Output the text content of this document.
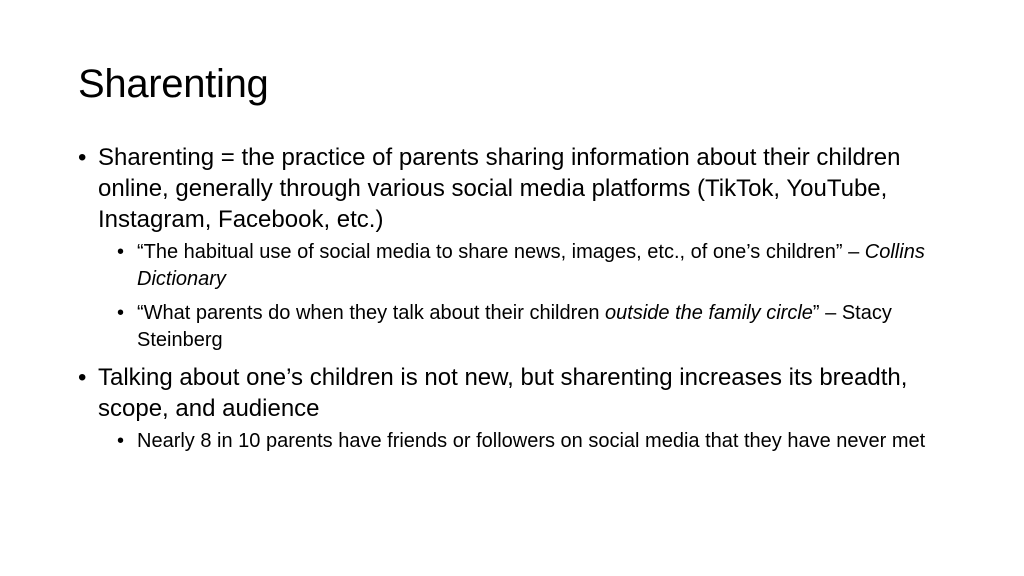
Sharenting
• Sharenting = the practice of parents sharing information about their children online, generally through various social media platforms (TikTok, YouTube, Instagram, Facebook, etc.)
• “The habitual use of social media to share news, images, etc., of one’s children” – Collins Dictionary
• “What parents do when they talk about their children outside the family circle” – Stacy Steinberg
• Talking about one’s children is not new, but sharenting increases its breadth, scope, and audience
• Nearly 8 in 10 parents have friends or followers on social media that they have never met
